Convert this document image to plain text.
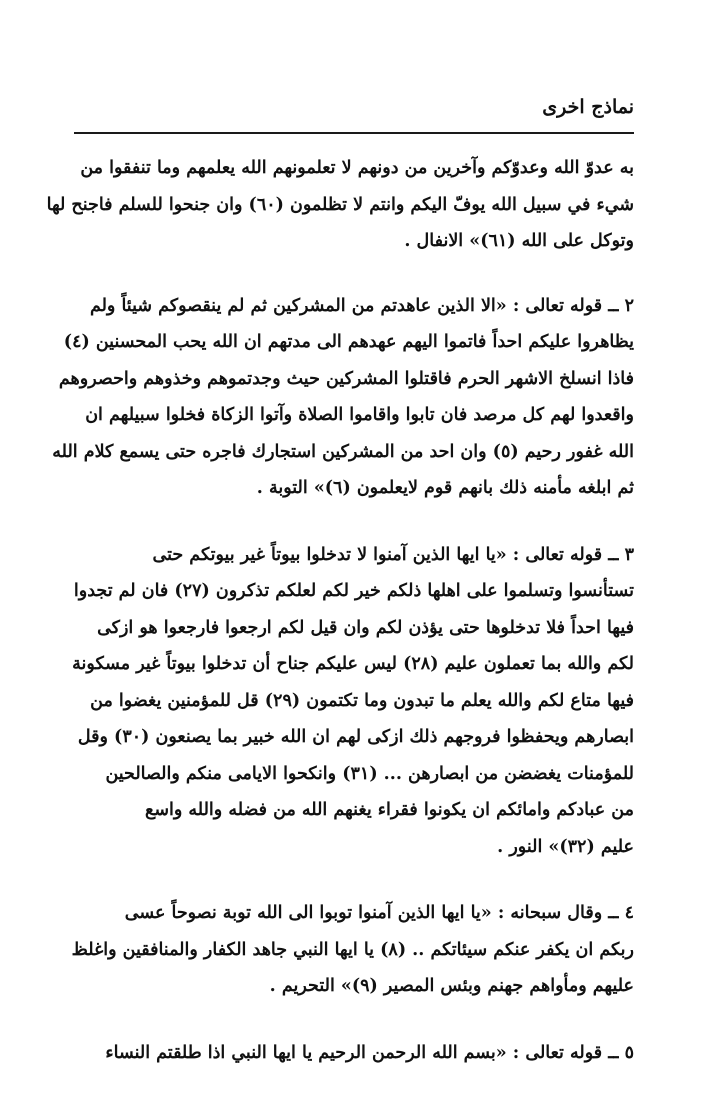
نماذج اخرى
به عدوّ الله وعدوّكم وآخرين من دونهم لا تعلمونهم الله يعلمهم وما تنفقوا من
شيء في سبيل الله يوفّ اليكم وانتم لا تظلمون (٦٠) وان جنحوا للسلم فاجنح لها
وتوكل على الله (٦١)» الانفال .
٢ ــ قوله تعالى : «الا الذين عاهدتم من المشركين ثم لم ينقصوكم شيئاً ولم
يظاهروا عليكم احداً فاتموا اليهم عهدهم الى مدتهم ان الله يحب المحسنين (٤)
فاذا انسلخ الاشهر الحرم فاقتلوا المشركين حيث وجدتموهم وخذوهم واحصروهم
واقعدوا لهم كل مرصد فان تابوا واقاموا الصلاة وآتوا الزكاة فخلوا سبيلهم ان
الله غفور رحيم (٥) وان احد من المشركين استجارك فاجره حتى يسمع كلام الله
ثم ابلغه مأمنه ذلك بانهم قوم لايعلمون (٦)» التوبة .
٣ ــ قوله تعالى : «يا ايها الذين آمنوا لا تدخلوا بيوتاً غير بيوتكم حتى
تستأنسوا وتسلموا على اهلها ذلكم خير لكم لعلكم تذكرون (٢٧) فان لم تجدوا
فيها احداً فلا تدخلوها حتى يؤذن لكم وان قيل لكم ارجعوا فارجعوا هو ازكى
لكم والله بما تعملون عليم (٢٨) ليس عليكم جناح أن تدخلوا بيوتاً غير مسكونة
فيها متاع لكم والله يعلم ما تبدون وما تكتمون (٢٩) قل للمؤمنين يغضوا من
ابصارهم ويحفظوا فروجهم ذلك ازكى لهم ان الله خبير بما يصنعون (٣٠) وقل
للمؤمنات يغضضن من ابصارهن ... (٣١) وانكحوا الايامى منكم والصالحين
من عبادكم وامائكم ان يكونوا فقراء يغنهم الله من فضله والله واسع
عليم (٣٢)» النور .
٤ ــ وقال سبحانه : «يا ايها الذين آمنوا توبوا الى الله توبة نصوحاً عسى
ربكم ان يكفر عنكم سيئاتكم .. (٨) يا ايها النبي جاهد الكفار والمنافقين واغلظ
عليهم ومأواهم جهنم وبئس المصير (٩)» التحريم .
٥ ــ قوله تعالى : «بسم الله الرحمن الرحيم يا ايها النبي اذا طلقتم النساء
